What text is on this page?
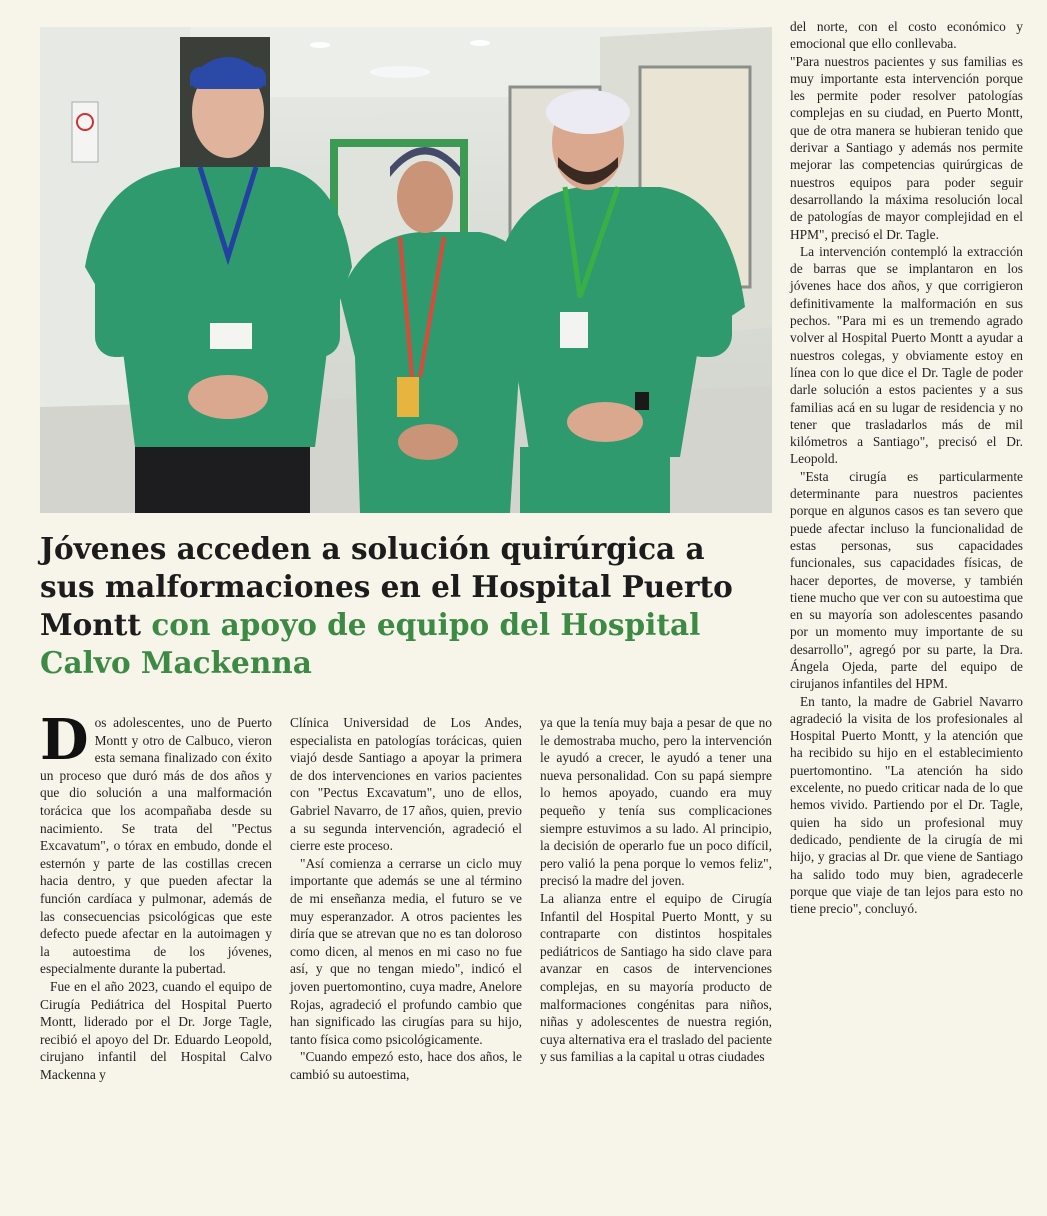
Jóvenes acceden a solución quirúrgica a sus malformaciones en el Hospital Puerto Montt con apoyo de equipo del Hospital Calvo Mackenna

Dos adolescentes, uno de Puerto Montt y otro de Calbuco, vieron esta semana finalizado con éxito un proceso que duró más de dos años y que dio solución a una malformación torácica que los acompañaba desde su nacimiento. Se trata del "Pectus Excavatum", o tórax en embudo, donde el esternón y parte de las costillas crecen hacia dentro, y que pueden afectar la función cardíaca y pulmonar, además de las consecuencias psicológicas que este defecto puede afectar en la autoimagen y la autoestima de los jóvenes, especialmente durante la pubertad.

Fue en el año 2023, cuando el equipo de Cirugía Pediátrica del Hospital Puerto Montt, liderado por el Dr. Jorge Tagle, recibió el apoyo del Dr. Eduardo Leopold, cirujano infantil del Hospital Calvo Mackenna y

Clínica Universidad de Los Andes, especialista en patologías torácicas, quien viajó desde Santiago a apoyar la primera de dos intervenciones en varios pacientes con "Pectus Excavatum", uno de ellos, Gabriel Navarro, de 17 años, quien, previo a su segunda intervención, agradeció el cierre este proceso.

"Así comienza a cerrarse un ciclo muy importante que además se une al término de mi enseñanza media, el futuro se ve muy esperanzador. A otros pacientes les diría que se atrevan que no es tan doloroso como dicen, al menos en mi caso no fue así, y que no tengan miedo", indicó el joven puertomontino, cuya madre, Anelore Rojas, agradeció el profundo cambio que han significado las cirugías para su hijo, tanto física como psicológicamente.

"Cuando empezó esto, hace dos años, le cambió su autoestima,

ya que la tenía muy baja a pesar de que no le demostraba mucho, pero la intervención le ayudó a crecer, le ayudó a tener una nueva personalidad. Con su papá siempre lo hemos apoyado, cuando era muy pequeño y tenía sus complicaciones siempre estuvimos a su lado. Al principio, la decisión de operarlo fue un poco difícil, pero valió la pena porque lo vemos feliz", precisó la madre del joven.

La alianza entre el equipo de Cirugía Infantil del Hospital Puerto Montt, y su contraparte con distintos hospitales pediátricos de Santiago ha sido clave para avanzar en casos de intervenciones complejas, en su mayoría producto de malformaciones congénitas para niños, niñas y adolescentes de nuestra región, cuya alternativa era el traslado del paciente y sus familias a la capital u otras ciudades

del norte, con el costo económico y emocional que ello conllevaba.

"Para nuestros pacientes y sus familias es muy importante esta intervención porque les permite poder resolver patologías complejas en su ciudad, en Puerto Montt, que de otra manera se hubieran tenido que derivar a Santiago y además nos permite mejorar las competencias quirúrgicas de nuestros equipos para poder seguir desarrollando la máxima resolución local de patologías de mayor complejidad en el HPM", precisó el Dr. Tagle.

La intervención contempló la extracción de barras que se implantaron en los jóvenes hace dos años, y que corrigieron definitivamente la malformación en sus pechos. "Para mi es un tremendo agrado volver al Hospital Puerto Montt a ayudar a nuestros colegas, y obviamente estoy en línea con lo que dice el Dr. Tagle de poder darle solución a estos pacientes y a sus familias acá en su lugar de residencia y no tener que trasladarlos más de mil kilómetros a Santiago", precisó el Dr. Leopold.

"Esta cirugía es particularmente determinante para nuestros pacientes porque en algunos casos es tan severo que puede afectar incluso la funcionalidad de estas personas, sus capacidades funcionales, sus capacidades físicas, de hacer deportes, de moverse, y también tiene mucho que ver con su autoestima que en su mayoría son adolescentes pasando por un momento muy importante de su desarrollo", agregó por su parte, la Dra. Ángela Ojeda, parte del equipo de cirujanos infantiles del HPM.

En tanto, la madre de Gabriel Navarro agradeció la visita de los profesionales al Hospital Puerto Montt, y la atención que ha recibido su hijo en el establecimiento puertomontino. "La atención ha sido excelente, no puedo criticar nada de lo que hemos vivido. Partiendo por el Dr. Tagle, quien ha sido un profesional muy dedicado, pendiente de la cirugía de mi hijo, y gracias al Dr. que viene de Santiago ha salido todo muy bien, agradecerle porque que viaje de tan lejos para esto no tiene precio", concluyó.
